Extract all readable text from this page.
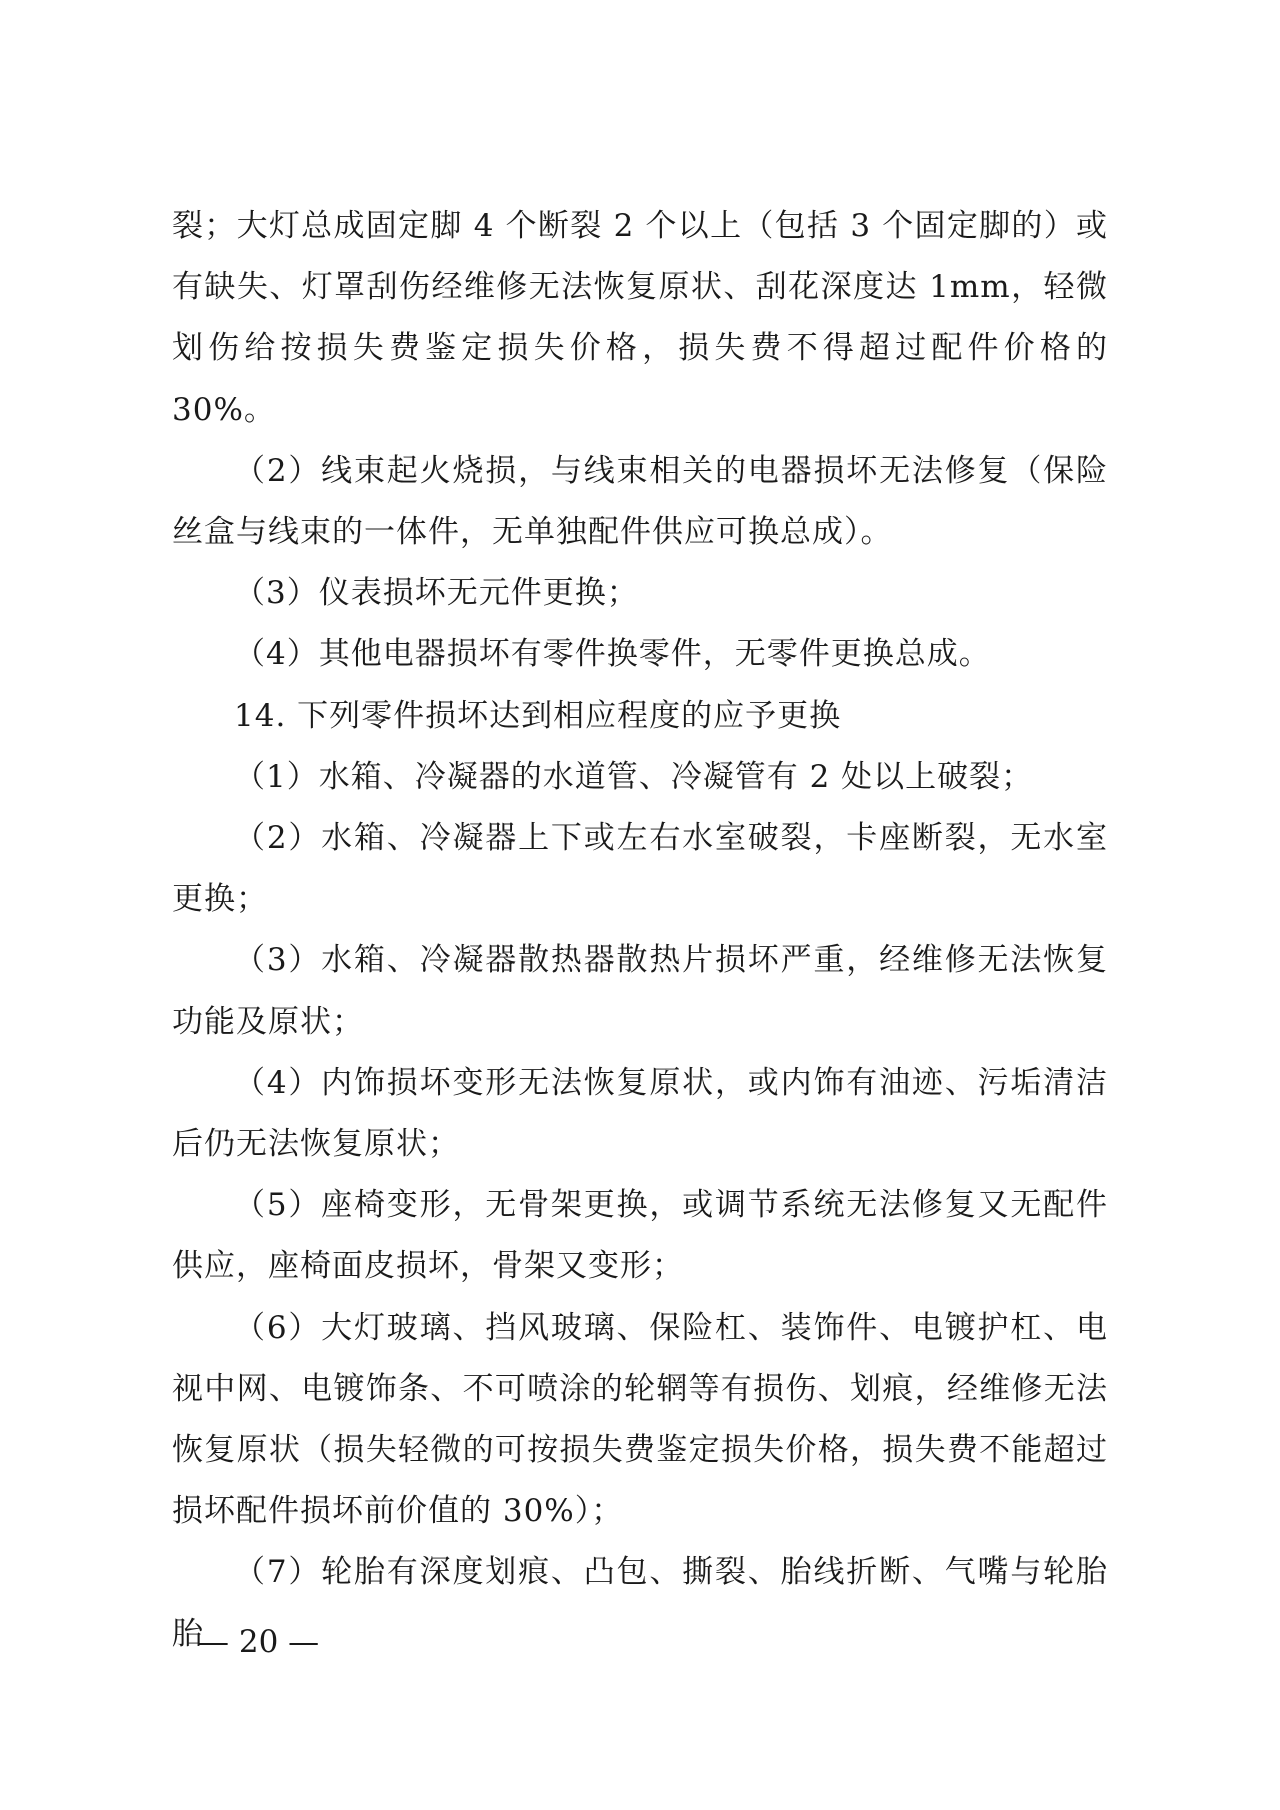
裂；大灯总成固定脚 4 个断裂 2 个以上（包括 3 个固定脚的）或有缺失、灯罩刮伤经维修无法恢复原状、刮花深度达 1mm，轻微划伤给按损失费鉴定损失价格，损失费不得超过配件价格的 30%。

（2）线束起火烧损，与线束相关的电器损坏无法修复（保险丝盒与线束的一体件，无单独配件供应可换总成）。

（3）仪表损坏无元件更换；

（4）其他电器损坏有零件换零件，无零件更换总成。

14. 下列零件损坏达到相应程度的应予更换

（1）水箱、冷凝器的水道管、冷凝管有 2 处以上破裂；

（2）水箱、冷凝器上下或左右水室破裂，卡座断裂，无水室更换；

（3）水箱、冷凝器散热器散热片损坏严重，经维修无法恢复功能及原状；

（4）内饰损坏变形无法恢复原状，或内饰有油迹、污垢清洁后仍无法恢复原状；

（5）座椅变形，无骨架更换，或调节系统无法修复又无配件供应，座椅面皮损坏，骨架又变形；

（6）大灯玻璃、挡风玻璃、保险杠、装饰件、电镀护杠、电视中网、电镀饰条、不可喷涂的轮辋等有损伤、划痕，经维修无法恢复原状（损失轻微的可按损失费鉴定损失价格，损失费不能超过损坏配件损坏前价值的 30%）；

（7）轮胎有深度划痕、凸包、撕裂、胎线折断、气嘴与轮胎胎

— 20 —
